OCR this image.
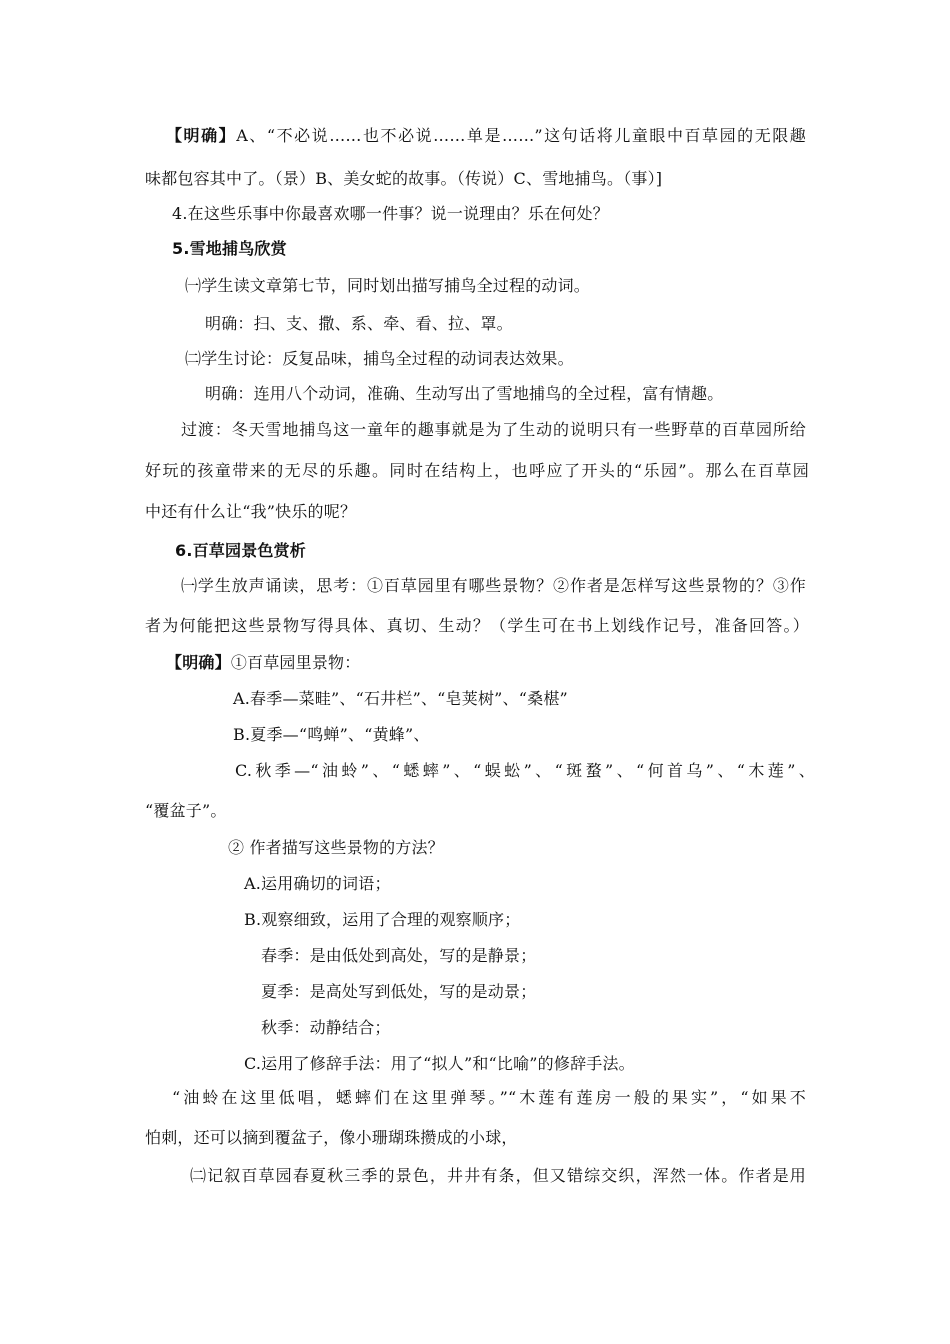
【明确】A、“不必说……也不必说……单是……”这句话将儿童眼中百草园的无限趣
味都包容其中了。（景）B、美女蛇的故事。（传说）C、雪地捕鸟。（事）]
4.在这些乐事中你最喜欢哪一件事？说一说理由？乐在何处？
5.雪地捕鸟欣赏
㈠学生读文章第七节，同时划出描写捕鸟全过程的动词。
明确：扫、支、撒、系、牵、看、拉、罩。
㈡学生讨论：反复品味，捕鸟全过程的动词表达效果。
明确：连用八个动词，准确、生动写出了雪地捕鸟的全过程，富有情趣。
过渡：冬天雪地捕鸟这一童年的趣事就是为了生动的说明只有一些野草的百草园所给
好玩的孩童带来的无尽的乐趣。同时在结构上，也呼应了开头的“乐园”。那么在百草园
中还有什么让“我”快乐的呢？
6.百草园景色赏析
㈠学生放声诵读，思考：①百草园里有哪些景物？②作者是怎样写这些景物的？③作
者为何能把这些景物写得具体、真切、生动？（学生可在书上划线作记号，准备回答。）
【明确】①百草园里景物：
A.春季—菜畦”、“石井栏”、“皂荚树”、“桑椹”
B.夏季—“鸣蝉”、“黄蜂”、
C.秋季—“油蛉”、“蟋蟀”、“蜈蚣”、“斑蝥”、“何首乌”、“木莲”、
“覆盆子”。
② 作者描写这些景物的方法？
A.运用确切的词语；
B.观察细致，运用了合理的观察顺序；
春季：是由低处到高处，写的是静景；
夏季：是高处写到低处，写的是动景；
秋季：动静结合；
C.运用了修辞手法：用了“拟人”和“比喻”的修辞手法。
“油蛉在这里低唱，蟋蟀们在这里弹琴。”“木莲有莲房一般的果实”，“如果不
怕刺，还可以摘到覆盆子，像小珊瑚珠攒成的小球，
㈡记叙百草园春夏秋三季的景色，井井有条，但又错综交织，浑然一体。作者是用
